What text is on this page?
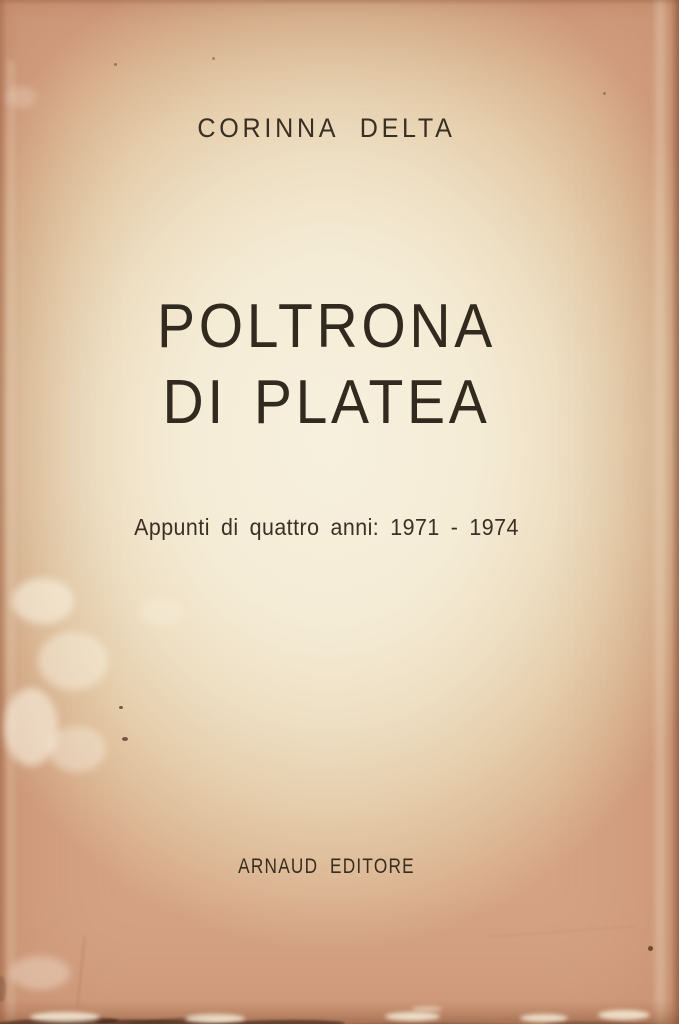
CORINNA DELTA
POLTRONA
DI PLATEA
Appunti di quattro anni: 1971 - 1974
ARNAUD EDITORE
